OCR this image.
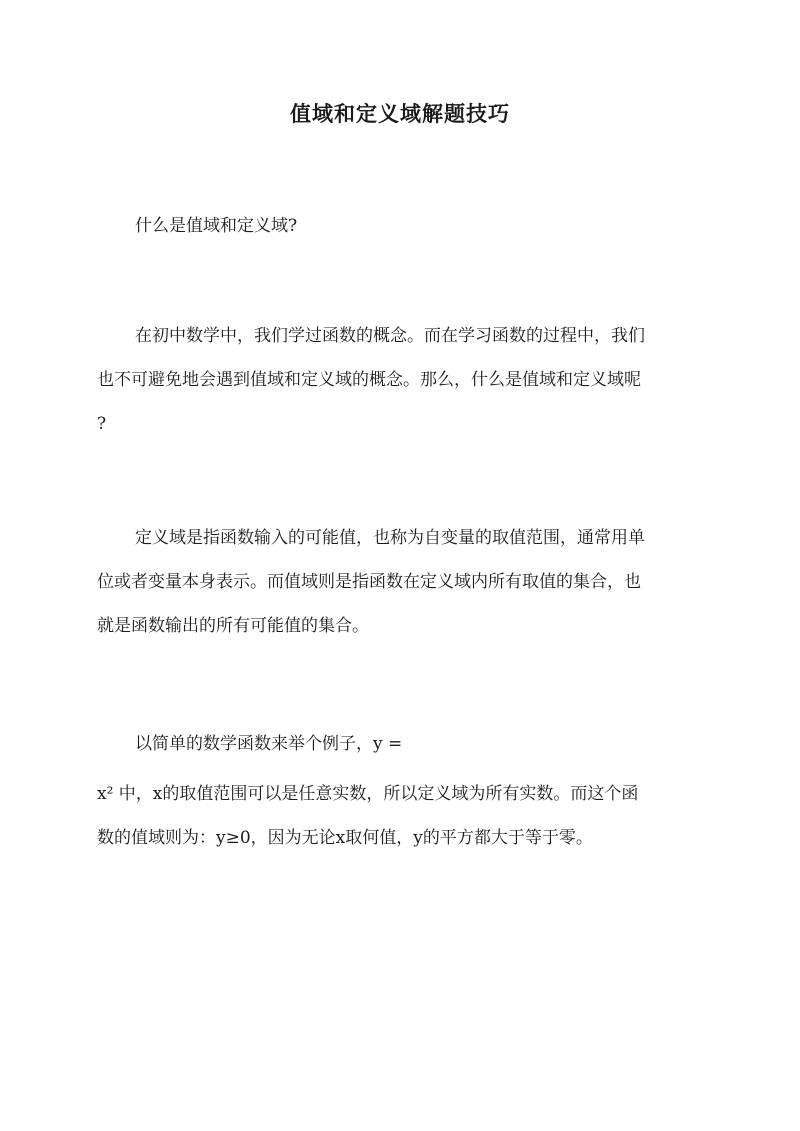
值域和定义域解题技巧
什么是值域和定义域?
在初中数学中，我们学过函数的概念。而在学习函数的过程中，我们
也不可避免地会遇到值域和定义域的概念。那么，什么是值域和定义域呢
?
定义域是指函数输入的可能值，也称为自变量的取值范围，通常用单
位或者变量本身表示。而值域则是指函数在定义域内所有取值的集合，也
就是函数输出的所有可能值的集合。
以简单的数学函数来举个例子，y =
x² 中，x的取值范围可以是任意实数，所以定义域为所有实数。而这个函
数的值域则为：y≥0，因为无论x取何值，y的平方都大于等于零。
